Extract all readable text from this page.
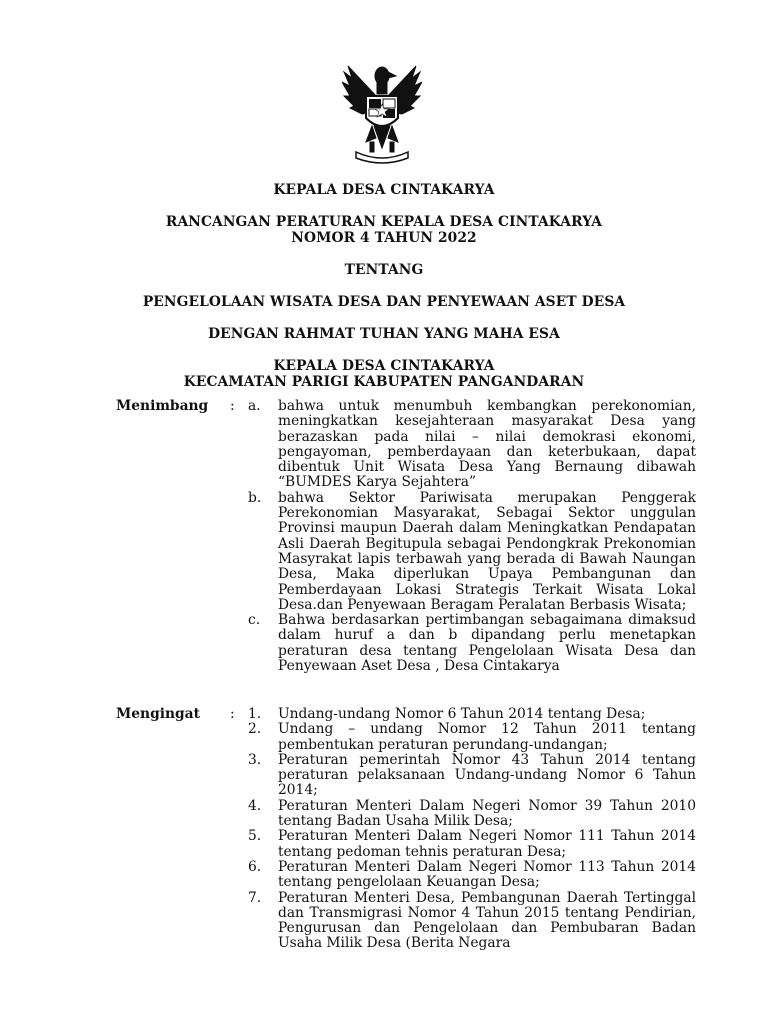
KEPALA DESA CINTAKARYA

RANCANGAN PERATURAN KEPALA DESA CINTAKARYA

NOMOR 4 TAHUN 2022

TENTANG

PENGELOLAAN WISATA DESA DAN PENYEWAAN ASET DESA

DENGAN RAHMAT TUHAN YANG MAHA ESA

KEPALA DESA CINTAKARYA

KECAMATAN PARIGI KABUPATEN PANGANDARAN

Menimbang : a. bahwa untuk menumbuh kembangkan perekonomian, meningkatkan kesejahteraan masyarakat Desa yang berazaskan pada nilai – nilai demokrasi ekonomi, pengayoman, pemberdayaan dan keterbukaan, dapat dibentuk Unit Wisata Desa Yang Bernaung dibawah “BUMDES Karya Sejahtera”
b. bahwa Sektor Pariwisata merupakan Penggerak Perekonomian Masyarakat, Sebagai Sektor unggulan Provinsi maupun Daerah dalam Meningkatkan Pendapatan Asli Daerah Begitupula sebagai Pendongkrak Prekonomian Masyrakat lapis terbawah yang berada di Bawah Naungan Desa, Maka diperlukan Upaya Pembangunan dan Pemberdayaan Lokasi Strategis Terkait Wisata Lokal Desa.dan Penyewaan Beragam Peralatan Berbasis Wisata;
c. Bahwa berdasarkan pertimbangan sebagaimana dimaksud dalam huruf a dan b dipandang perlu menetapkan peraturan desa tentang Pengelolaan Wisata Desa dan Penyewaan Aset Desa , Desa Cintakarya
Mengingat : 1. Undang-undang Nomor 6 Tahun 2014 tentang Desa;
2. Undang – undang Nomor 12 Tahun 2011 tentang pembentukan peraturan perundang-undangan;
3. Peraturan pemerintah Nomor 43 Tahun 2014 tentang peraturan pelaksanaan Undang-undang Nomor 6 Tahun 2014;
4. Peraturan Menteri Dalam Negeri Nomor 39 Tahun 2010 tentang Badan Usaha Milik Desa;
5. Peraturan Menteri Dalam Negeri Nomor 111 Tahun 2014 tentang pedoman tehnis peraturan Desa;
6. Peraturan Menteri Dalam Negeri Nomor 113 Tahun 2014 tentang pengelolaan Keuangan Desa;
7. Peraturan Menteri Desa, Pembangunan Daerah Tertinggal dan Transmigrasi Nomor 4 Tahun 2015 tentang Pendirian, Pengurusan dan Pengelolaan dan Pembubaran Badan Usaha Milik Desa (Berita Negara
